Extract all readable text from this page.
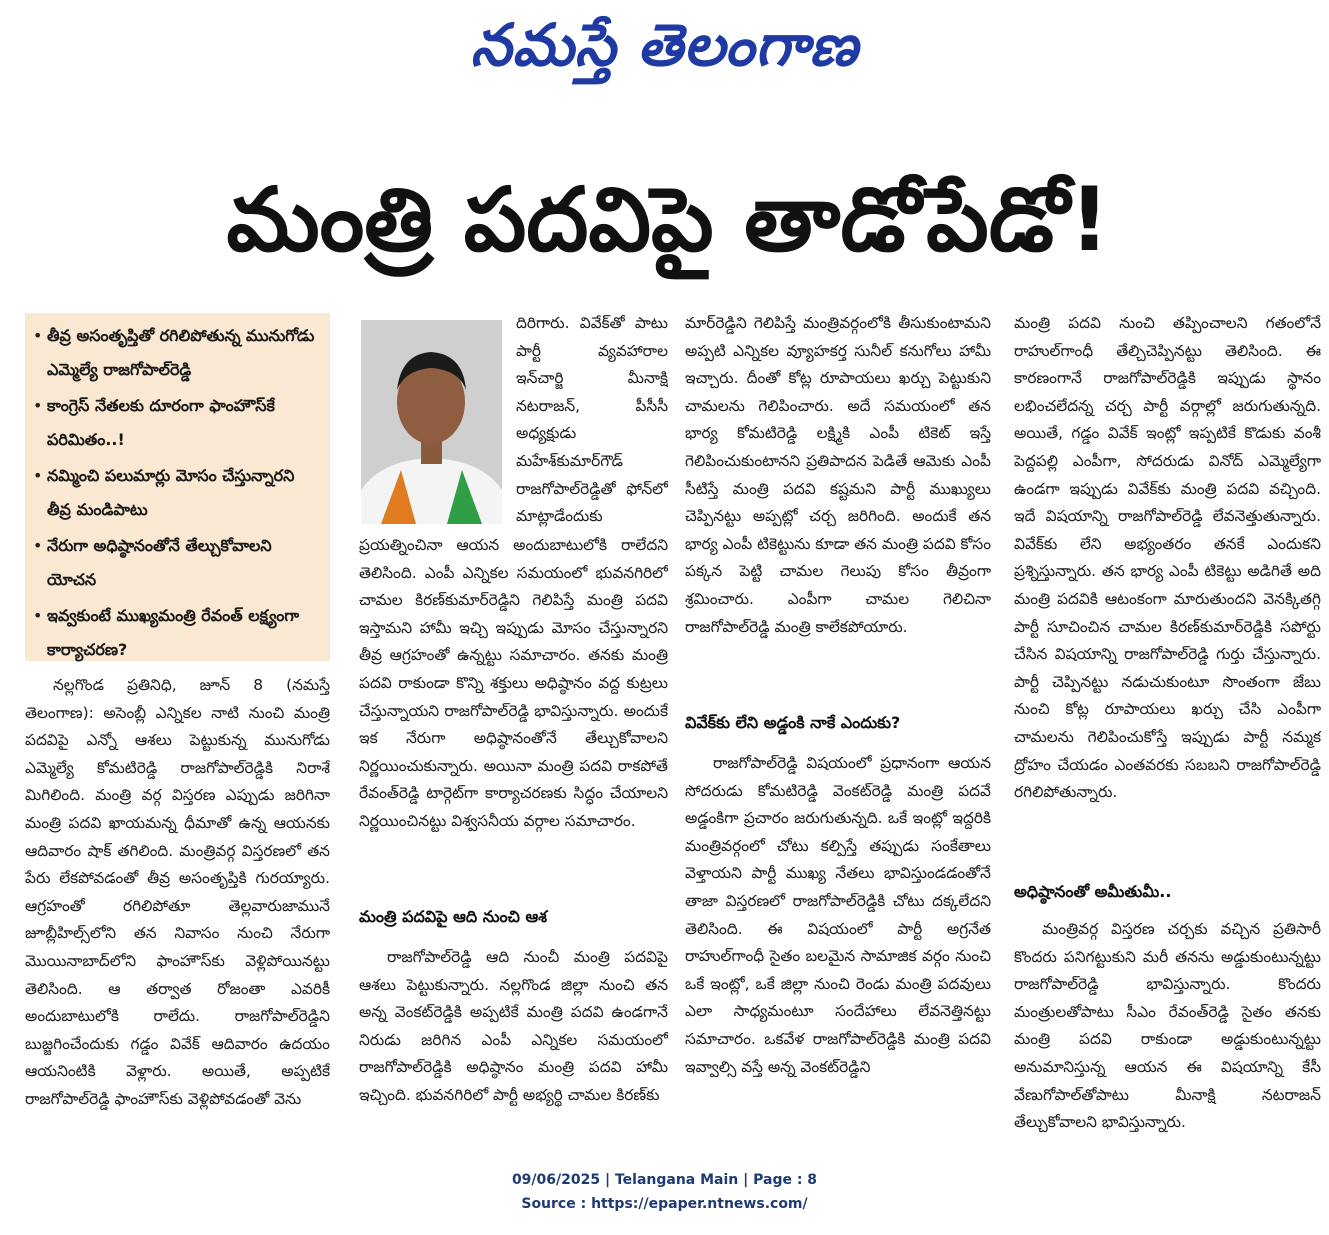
నమస్తే తెలంగాణ
మంత్రి పదవిపై తాడోపేడో!
• తీవ్ర అసంతృప్తితో రగిలిపోతున్న మునుగోడు ఎమ్మెల్యే రాజగోపాల్‌రెడ్డి
• కాంగ్రెస్‌ నేతలకు దూరంగా ఫాంహౌస్‌కే పరిమితం..!
• నమ్మించి పలుమార్లు మోసం చేస్తున్నారని తీవ్ర మండిపాటు
• నేరుగా అధిష్ఠానంతోనే తేల్చుకోవాలని యోచన
• ఇవ్వకుంటే ముఖ్యమంత్రి రేవంత్‌ లక్ష్యంగా కార్యాచరణ?

నల్లగొండ ప్రతినిధి, జూన్‌ 8 (నమస్తే తెలంగాణ): అసెంబ్లీ ఎన్నికల నాటి నుంచి మంత్రి పదవిపై ఎన్నో ఆశలు పెట్టుకున్న మునుగోడు ఎమ్మెల్యే కోమటిరెడ్డి రాజగోపాల్‌రెడ్డికి నిరాశే మిగిలింది. మంత్రి వర్గ విస్తరణ ఎప్పుడు జరిగినా మంత్రి పదవి ఖాయమన్న ధీమాతో ఉన్న ఆయనకు ఆదివారం షాక్‌ తగిలింది. మంత్రివర్గ విస్తరణలో తన పేరు లేకపోవడంతో తీవ్ర అసంతృప్తికి గురయ్యారు. ఆగ్రహంతో రగిలిపోతూ తెల్లవారుజామునే జూబ్లీహిల్స్‌లోని తన నివాసం నుంచి నేరుగా మొయినాబాద్‌లోని ఫాంహౌస్‌కు వెళ్లిపోయినట్టు తెలిసింది. ఆ తర్వాత రోజంతా ఎవరికీ అందుబాటులోకి రాలేదు. రాజగోపాల్‌రెడ్డిని బుజ్జగించేందుకు గడ్డం వివేక్‌ ఆదివారం ఉదయం ఆయనింటికి వెళ్లారు. అయితే, అప్పటికే రాజగోపాల్‌రెడ్డి ఫాంహౌస్‌కు వెళ్లిపోవడంతో వెను

దిరిగారు. వివేక్‌తో పాటు పార్టీ వ్యవహారాల ఇన్‌చార్జి మీనాక్షి నటరాజన్‌, పీసీసీ అధ్యక్షుడు మహేశ్‌కుమార్‌గౌడ్‌ రాజగోపాల్‌రెడ్డితో ఫోన్‌లో మాట్లాడేందుకు

ప్రయత్నించినా ఆయన అందుబాటులోకి రాలేదని తెలిసింది. ఎంపీ ఎన్నికల సమయంలో భువనగిరిలో చామల కిరణ్‌కుమార్‌రెడ్డిని గెలిపిస్తే మంత్రి పదవి ఇస్తామని హామీ ఇచ్చి ఇప్పుడు మోసం చేస్తున్నారని తీవ్ర ఆగ్రహంతో ఉన్నట్టు సమాచారం. తనకు మంత్రి పదవి రాకుండా కొన్ని శక్తులు అధిష్ఠానం వద్ద కుట్రలు చేస్తున్నాయని రాజగోపాల్‌రెడ్డి భావిస్తున్నారు. అందుకే ఇక నేరుగా అధిష్ఠానంతోనే తేల్చుకోవాలని నిర్ణయించుకున్నారు. అయినా మంత్రి పదవి రాకపోతే రేవంత్‌రెడ్డి టార్గెట్‌గా కార్యాచరణకు సిద్ధం చేయాలని నిర్ణయించినట్టు విశ్వసనీయ వర్గాల సమాచారం.

మంత్రి పదవిపై ఆది నుంచి ఆశ

రాజగోపాల్‌రెడ్డి ఆది నుంచీ మంత్రి పదవిపై ఆశలు పెట్టుకున్నారు. నల్లగొండ జిల్లా నుంచి తన అన్న వెంకట్‌రెడ్డికి అప్పటికే మంత్రి పదవి ఉండగానే నిరుడు జరిగిన ఎంపీ ఎన్నికల సమయంలో రాజగోపాల్‌రెడ్డికి అధిష్ఠానం మంత్రి పదవి హామీ ఇచ్చింది. భువనగిరిలో పార్టీ అభ్యర్థి చామల కిరణ్‌కు

మార్‌రెడ్డిని గెలిపిస్తే మంత్రివర్గంలోకి తీసుకుంటామని అప్పటి ఎన్నికల వ్యూహకర్త సునీల్‌ కనుగోలు హామీ ఇచ్చారు. దీంతో కోట్ల రూపాయలు ఖర్చు పెట్టుకుని చామలను గెలిపించారు. అదే సమయంలో తన భార్య కోమటిరెడ్డి లక్ష్మికి ఎంపీ టికెట్‌ ఇస్తే గెలిపించుకుంటానని ప్రతిపాదన పెడితే ఆమెకు ఎంపీ సీటిస్తే మంత్రి పదవి కష్టమని పార్టీ ముఖ్యులు చెప్పినట్టు అప్పట్లో చర్చ జరిగింది. అందుకే తన భార్య ఎంపీ టికెట్టును కూడా తన మంత్రి పదవి కోసం పక్కన పెట్టి చామల గెలుపు కోసం తీవ్రంగా శ్రమించారు. ఎంపీగా చామల గెలిచినా రాజగోపాల్‌రెడ్డి మంత్రి కాలేకపోయారు.

వివేక్‌కు లేని అడ్డంకి నాకే ఎందుకు?

రాజగోపాల్‌రెడ్డి విషయంలో ప్రధానంగా ఆయన సోదరుడు కోమటిరెడ్డి వెంకట్‌రెడ్డి మంత్రి పదవే అడ్డంకిగా ప్రచారం జరుగుతున్నది. ఒకే ఇంట్లో ఇద్దరికి మంత్రివర్గంలో చోటు కల్పిస్తే తప్పుడు సంకేతాలు వెళ్తాయని పార్టీ ముఖ్య నేతలు భావిస్తుండడంతోనే తాజా విస్తరణలో రాజగోపాల్‌రెడ్డికి చోటు దక్కలేదని తెలిసింది. ఈ విషయంలో పార్టీ అగ్రనేత రాహుల్‌గాంధీ సైతం బలమైన సామాజిక వర్గం నుంచి ఒకే ఇంట్లో, ఒకే జిల్లా నుంచి రెండు మంత్రి పదవులు ఎలా సాధ్యమంటూ సందేహాలు లేవనెత్తినట్టు సమాచారం. ఒకవేళ రాజగోపాల్‌రెడ్డికి మంత్రి పదవి ఇవ్వాల్సి వస్తే అన్న వెంకట్‌రెడ్డిని

మంత్రి పదవి నుంచి తప్పించాలని గతంలోనే రాహుల్‌గాంధీ తేల్చిచెప్పినట్టు తెలిసింది. ఈ కారణంగానే రాజగోపాల్‌రెడ్డికి ఇప్పుడు స్థానం లభించలేదన్న చర్చ పార్టీ వర్గాల్లో జరుగుతున్నది. అయితే, గడ్డం వివేక్‌ ఇంట్లో ఇప్పటికే కొడుకు వంశీ పెద్దపల్లి ఎంపీగా, సోదరుడు వినోద్‌ ఎమ్మెల్యేగా ఉండగా ఇప్పుడు వివేక్‌కు మంత్రి పదవి వచ్చింది. ఇదే విషయాన్ని రాజగోపాల్‌రెడ్డి లేవనెత్తుతున్నారు. వివేక్‌కు లేని అభ్యంతరం తనకే ఎందుకని ప్రశ్నిస్తున్నారు. తన భార్య ఎంపీ టికెట్టు అడిగితే అది మంత్రి పదవికి ఆటంకంగా మారుతుందని వెనక్కితగ్గి పార్టీ సూచించిన చామల కిరణ్‌కుమార్‌రెడ్డికి సపోర్టు చేసిన విషయాన్ని రాజగోపాల్‌రెడ్డి గుర్తు చేస్తున్నారు. పార్టీ చెప్పినట్టు నడుచుకుంటూ సొంతంగా జేబు నుంచి కోట్ల రూపాయలు ఖర్చు చేసి ఎంపీగా చామలను గెలిపించుకోస్తే ఇప్పుడు పార్టీ నమ్మక ద్రోహం చేయడం ఎంతవరకు సబబని రాజగోపాల్‌రెడ్డి రగిలిపోతున్నారు.

అధిష్ఠానంతో అమీతుమీ..

మంత్రివర్గ విస్తరణ చర్చకు వచ్చిన ప్రతిసారీ కొందరు పనిగట్టుకుని మరీ తనను అడ్డుకుంటున్నట్టు రాజగోపాల్‌రెడ్డి భావిస్తున్నారు. కొందరు మంత్రులతోపాటు సీఎం రేవంత్‌రెడ్డి సైతం తనకు మంత్రి పదవి రాకుండా అడ్డుకుంటున్నట్టు అనుమానిస్తున్న ఆయన ఈ విషయాన్ని కేసీ వేణుగోపాల్‌తోపాటు మీనాక్షి నటరాజన్‌ తేల్చుకోవాలని భావిస్తున్నారు.

09/06/2025 | Telangana Main | Page : 8
Source : https://epaper.ntnews.com/
